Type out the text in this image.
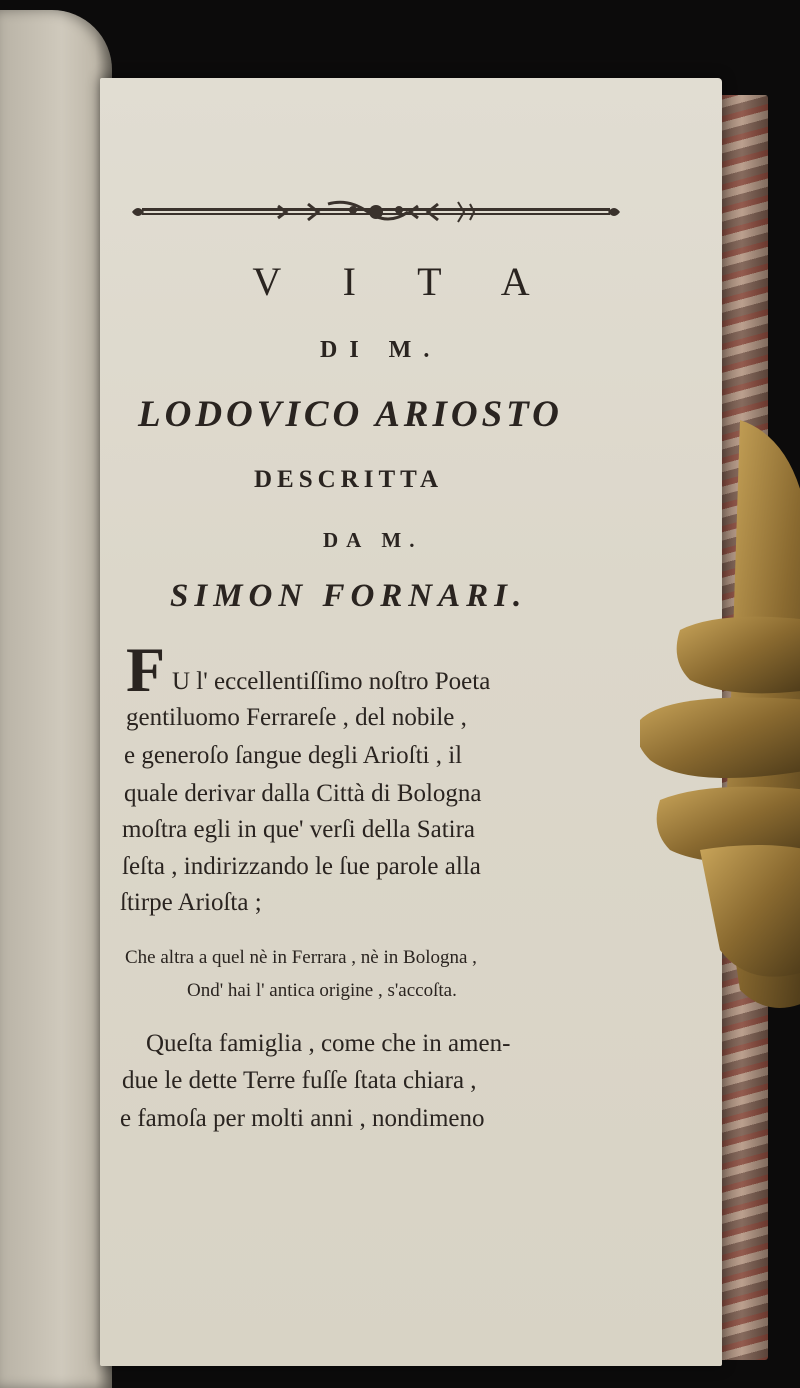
V I T A
DI M.
LODOVICO ARIOSTO
DESCRITTA
DA M.
SIMON FORNARI.
F U l' eccellentiſſimo noſtro Poeta
gentiluomo Ferrareſe , del nobile ,
e generoſo ſangue degli Arioſti , il
quale derivar dalla Città di Bologna
moſtra egli in que' verſi della Satira
ſeſta , indirizzando le ſue parole alla
ſtirpe Arioſta ;
Che altra a quel nè in Ferrara , nè in Bologna ,
Ond' hai l' antica origine , s'accoſta.
Queſta famiglia , come che in amen-
due le dette Terre fuſſe ſtata chiara ,
e famoſa per molti anni , nondimeno
